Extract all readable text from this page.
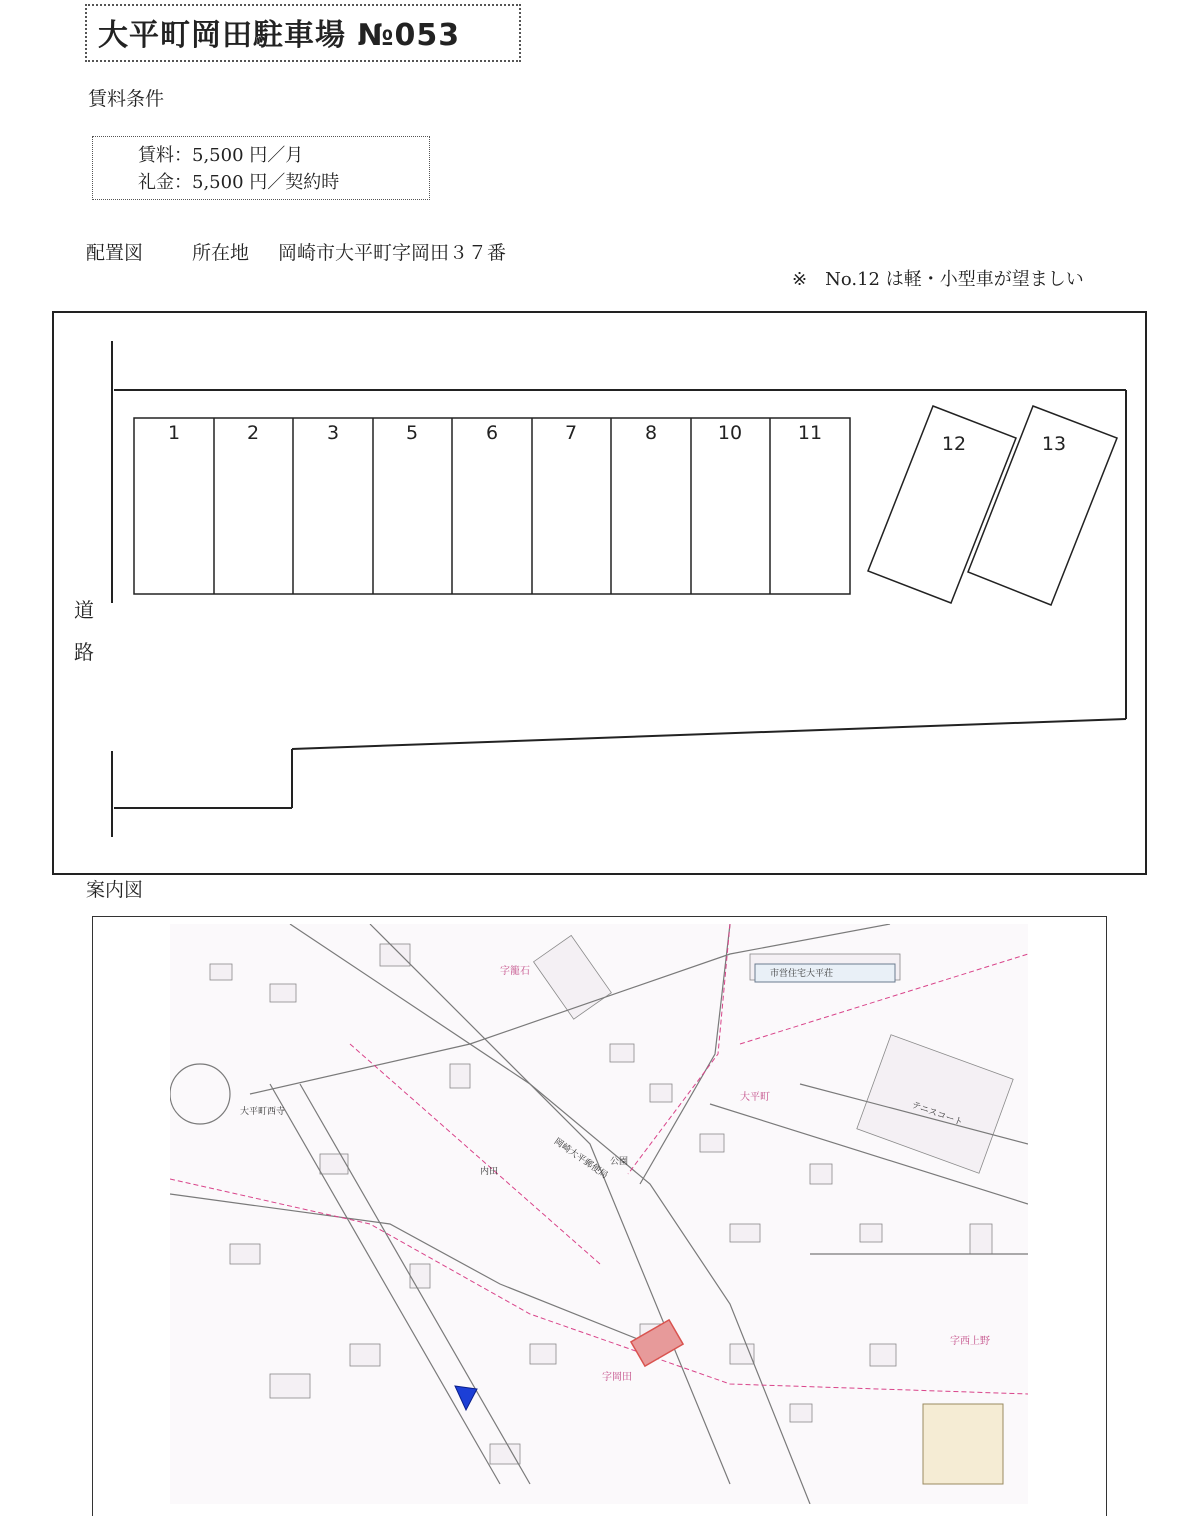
大平町岡田駐車場 №053
賃料条件
賃料：5,500 円／月
礼金：5,500 円／契約時
配置図	所在地 岡崎市大平町字岡田３７番
※　No.12 は軽・小型車が望ましい
1	2	3	5	6	7	8	10	11	12	13
道
路
案内図
字籠石
字西上野
字岡田
大平町
市営住宅大平荘
テニスコート
公園
内田	岡崎大平郵便局
大平町西寺
